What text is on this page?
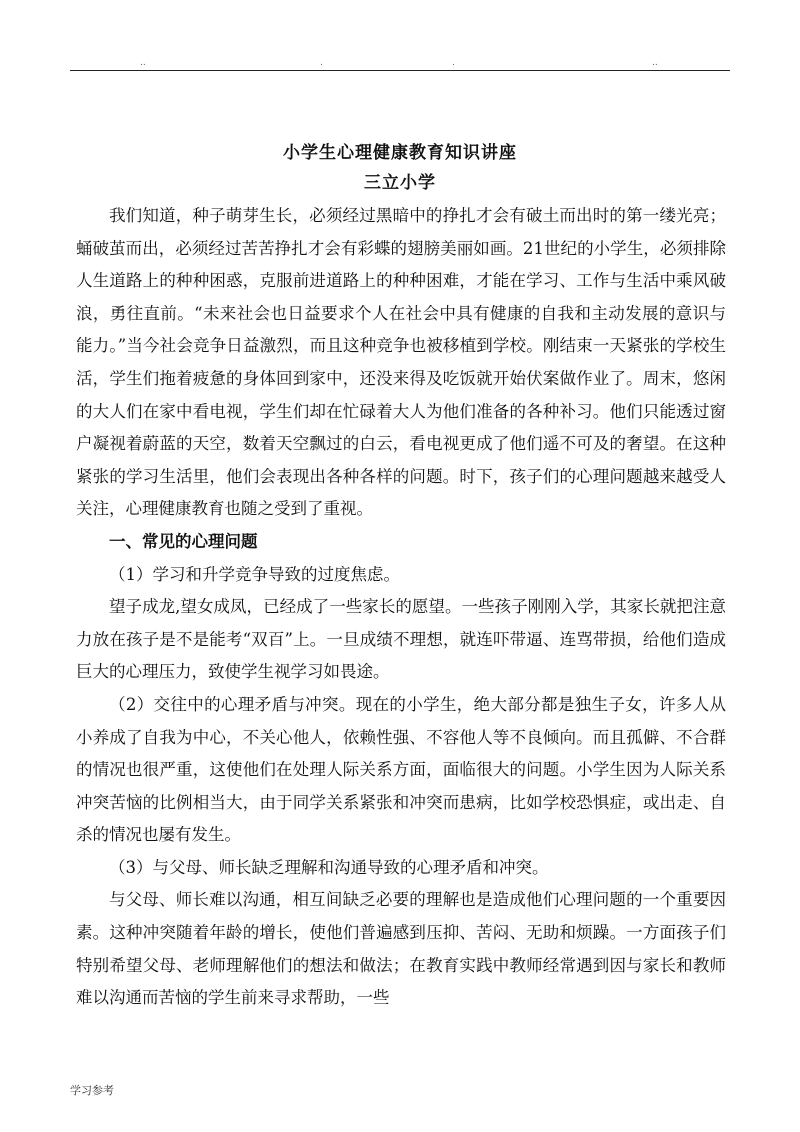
..	.	.	..
小学生心理健康教育知识讲座
三立小学

我们知道，种子萌芽生长，必须经过黑暗中的挣扎才会有破土而出时的第一缕光亮；蛹破茧而出，必须经过苦苦挣扎才会有彩蝶的翅膀美丽如画。21世纪的小学生，必须排除人生道路上的种种困惑，克服前进道路上的种种困难，才能在学习、工作与生活中乘风破浪，勇往直前。“未来社会也日益要求个人在社会中具有健康的自我和主动发展的意识与能力。”当今社会竞争日益激烈，而且这种竞争也被移植到学校。刚结束一天紧张的学校生活，学生们拖着疲惫的身体回到家中，还没来得及吃饭就开始伏案做作业了。周末，悠闲的大人们在家中看电视，学生们却在忙碌着大人为他们准备的各种补习。他们只能透过窗户凝视着蔚蓝的天空，数着天空飘过的白云，看电视更成了他们遥不可及的奢望。在这种紧张的学习生活里，他们会表现出各种各样的问题。时下，孩子们的心理问题越来越受人关注，心理健康教育也随之受到了重视。

一、常见的心理问题

（1）学习和升学竞争导致的过度焦虑。

望子成龙,望女成凤，已经成了一些家长的愿望。一些孩子刚刚入学，其家长就把注意力放在孩子是不是能考“双百”上。一旦成绩不理想，就连吓带逼、连骂带损，给他们造成巨大的心理压力，致使学生视学习如畏途。

（2）交往中的心理矛盾与冲突。现在的小学生，绝大部分都是独生子女，许多人从小养成了自我为中心，不关心他人，依赖性强、不容他人等不良倾向。而且孤僻、不合群的情况也很严重，这使他们在处理人际关系方面，面临很大的问题。小学生因为人际关系冲突苦恼的比例相当大，由于同学关系紧张和冲突而患病，比如学校恐惧症，或出走、自杀的情况也屡有发生。

（3）与父母、师长缺乏理解和沟通导致的心理矛盾和冲突。

与父母、师长难以沟通，相互间缺乏必要的理解也是造成他们心理问题的一个重要因素。这种冲突随着年龄的增长，使他们普遍感到压抑、苦闷、无助和烦躁。一方面孩子们特别希望父母、老师理解他们的想法和做法；在教育实践中教师经常遇到因与家长和教师难以沟通而苦恼的学生前来寻求帮助，一些

学习参考
